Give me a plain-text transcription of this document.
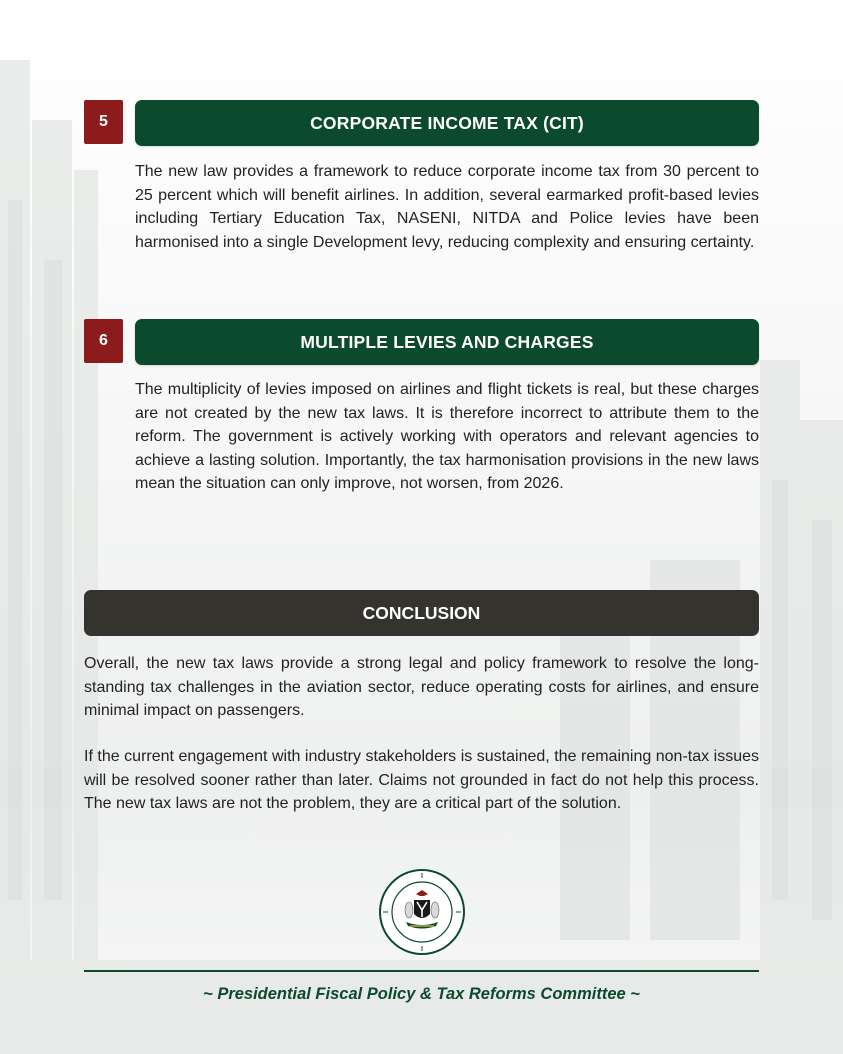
5	CORPORATE INCOME TAX (CIT)

The new law provides a framework to reduce corporate income tax from 30 percent to 25 percent which will benefit airlines. In addition, several earmarked profit-based levies including Tertiary Education Tax, NASENI, NITDA and Police levies have been harmonised into a single Development levy, reducing complexity and ensuring certainty.

6	MULTIPLE LEVIES AND CHARGES

The multiplicity of levies imposed on airlines and flight tickets is real, but these charges are not created by the new tax laws. It is therefore incorrect to attribute them to the reform. The government is actively working with operators and relevant agencies to achieve a lasting solution. Importantly, the tax harmonisation provisions in the new laws mean the situation can only improve, not worsen, from 2026.

CONCLUSION

Overall, the new tax laws provide a strong legal and policy framework to resolve the long-standing tax challenges in the aviation sector, reduce operating costs for airlines, and ensure minimal impact on passengers.

If the current engagement with industry stakeholders is sustained, the remaining non-tax issues will be resolved sooner rather than later. Claims not grounded in fact do not help this process. The new tax laws are not the problem, they are a critical part of the solution.

~ Presidential Fiscal Policy & Tax Reforms Committee ~
